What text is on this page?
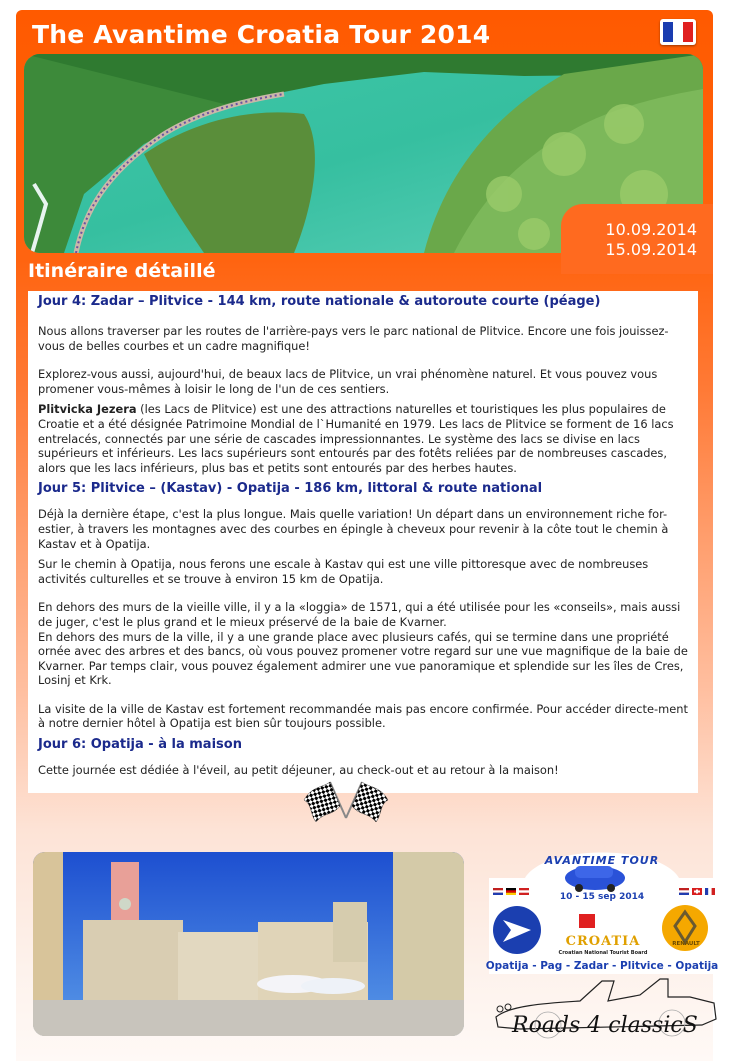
The Avantime Croatia Tour 2014
10.09.2014
15.09.2014
Itinéraire détaillé
Jour 4: Zadar – Plitvice - 144 km, route nationale & autoroute courte (péage)

Nous allons traverser par les routes de l'arrière-pays vers le parc national de Plitvice. Encore une fois jouissez-vous de belles courbes et un cadre magnifique!

Explorez-vous aussi, aujourd'hui, de beaux lacs de Plitvice, un vrai phénomène naturel. Et vous pouvez vous promener vous-mêmes à loisir le long de l'un de ces sentiers.

Plitvicka Jezera (les Lacs de Plitvice) est une des attractions naturelles et touristiques les plus populaires de Croatie et a été désignée Patrimoine Mondial de l`Humanité en 1979. Les lacs de Plitvice se forment de 16 lacs entrelacés, connectés par une série de cascades impressionnantes. Le système des lacs se divise en lacs supérieurs et inférieurs. Les lacs supérieurs sont entourés par des fotêts reliées par de nombreuses cascades, alors que les lacs inférieurs, plus bas et petits sont entourés par des herbes hautes.

Jour 5: Plitvice – (Kastav) - Opatija - 186 km, littoral & route national

Déjà la dernière étape, c'est la plus longue. Mais quelle variation! Un départ dans un environnement riche for-estier, à travers les montagnes avec des courbes en épingle à cheveux pour revenir à la côte tout le chemin à Kastav et à Opatija.

Sur le chemin à Opatija, nous ferons une escale à Kastav qui est une ville pittoresque avec de nombreuses activités culturelles et se trouve à environ 15 km de Opatija.

En dehors des murs de la vieille ville, il y a la «loggia» de 1571, qui a été utilisée pour les «conseils», mais aussi de juger, c'est le plus grand et le mieux préservé de la baie de Kvarner.

En dehors des murs de la ville, il y a une grande place avec plusieurs cafés, qui se termine dans une propriété ornée avec des arbres et des bancs, où vous pouvez promener votre regard sur une vue magnifique de la baie de Kvarner. Par temps clair, vous pouvez également admirer une vue panoramique et splendide sur les îles de Cres, Losinj et Krk.

La visite de la ville de Kastav est fortement recommandée mais pas encore confirmée. Pour accéder directe-ment à notre dernier hôtel à Opatija est bien sûr toujours possible.

Jour 6: Opatija - à la maison

Cette journée est dédiée à l'éveil, au petit déjeuner, au check-out et au retour à la maison!

AVANTIME TOUR
10 - 15 sep 2014
CROATIA
Croatian National Tourist Board
RENAULT
Opatija - Pag - Zadar - Plitvice - Opatija
Roads 4 classicS
